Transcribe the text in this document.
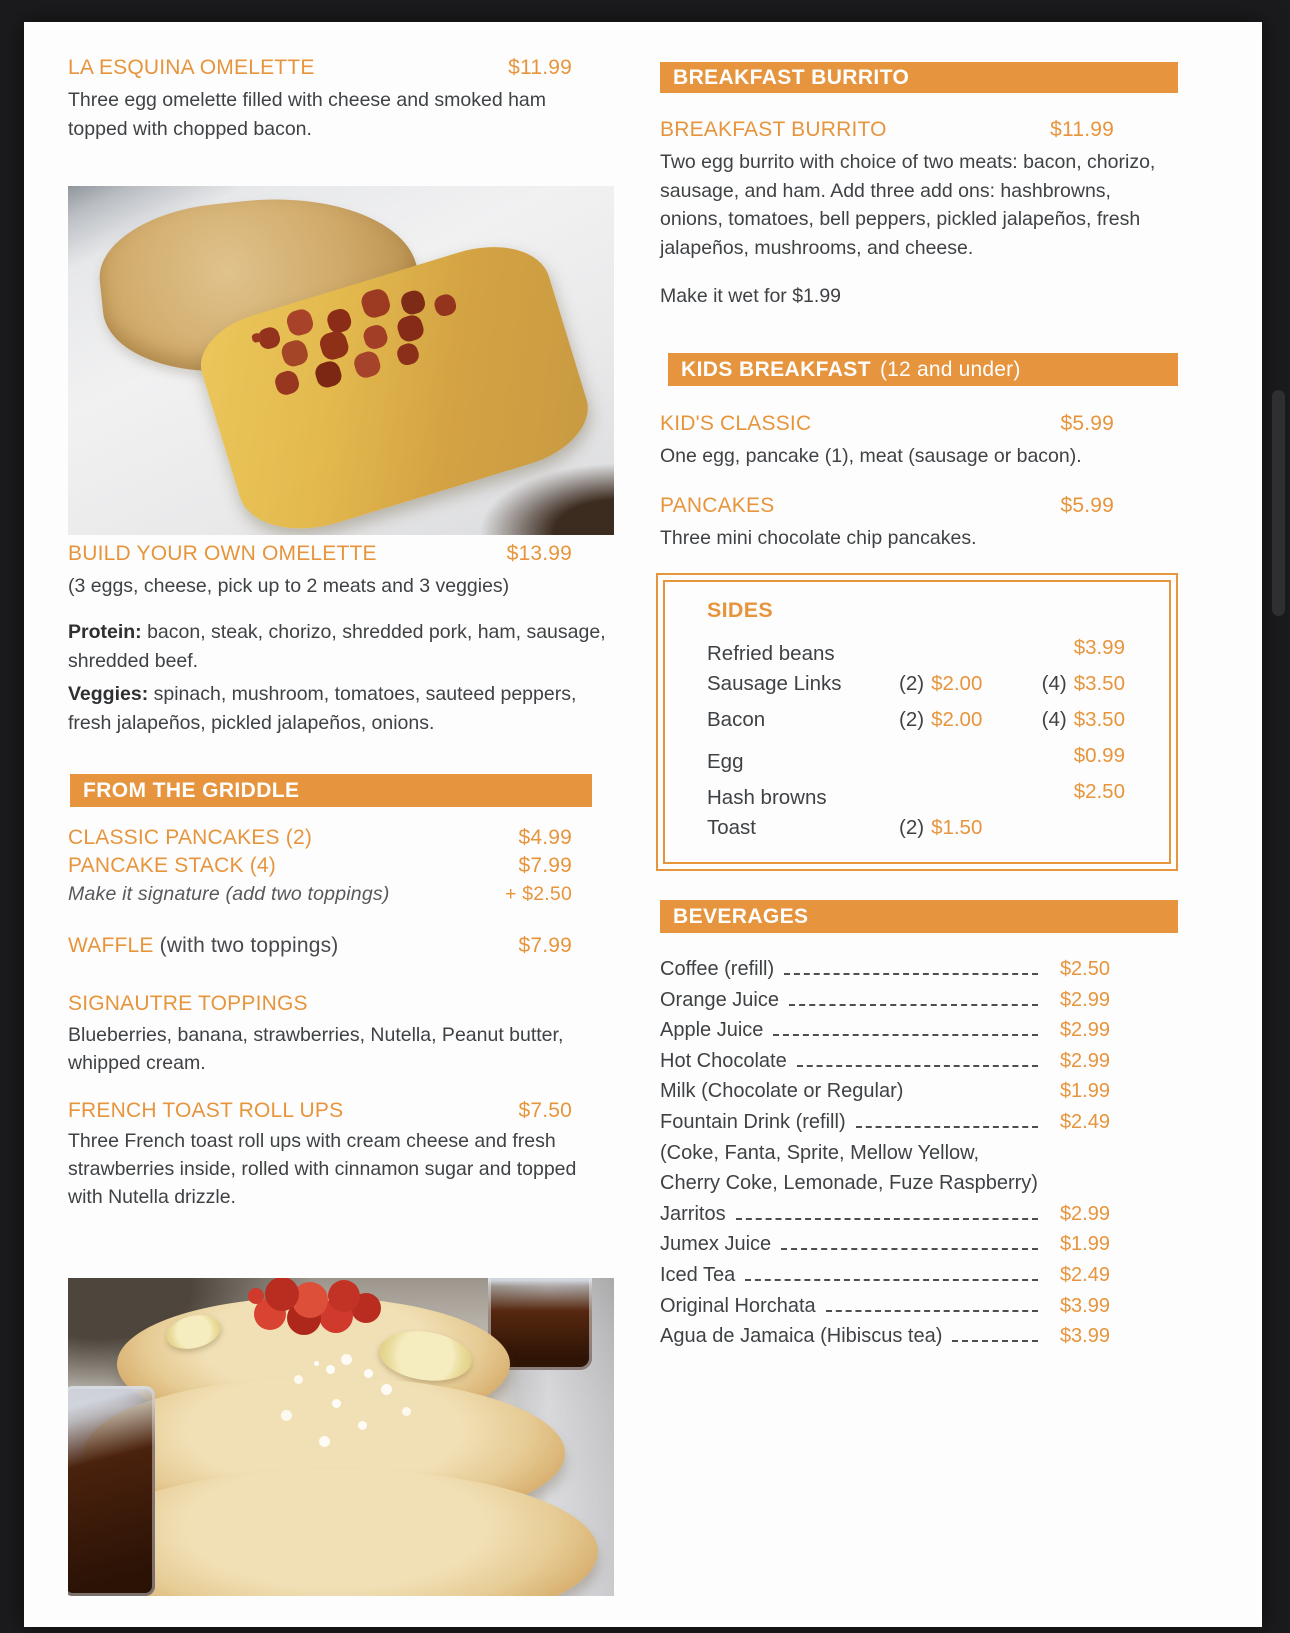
LA ESQUINA OMELETTE	$11.99
Three egg omelette filled with cheese and smoked ham topped with chopped bacon.
BUILD YOUR OWN OMELETTE	$13.99
(3 eggs, cheese, pick up to 2 meats and 3 veggies)
Protein: bacon, steak, chorizo, shredded pork, ham, sausage, shredded beef.
Veggies: spinach, mushroom, tomatoes, sauteed peppers, fresh jalapeños, pickled jalapeños, onions.
FROM THE GRIDDLE
CLASSIC PANCAKES (2)	$4.99
PANCAKE STACK (4)	$7.99
Make it signature (add two toppings)	+ $2.50
WAFFLE (with two toppings)	$7.99
SIGNAUTRE TOPPINGS
Blueberries, banana, strawberries, Nutella, Peanut butter, whipped cream.
FRENCH TOAST ROLL UPS	$7.50
Three French toast roll ups with cream cheese and fresh strawberries inside, rolled with cinnamon sugar and topped with Nutella drizzle.
BREAKFAST BURRITO
BREAKFAST BURRITO	$11.99
Two egg burrito with choice of two meats: bacon, chorizo, sausage, and ham. Add three add ons: hashbrowns, onions, tomatoes, bell peppers, pickled jalapeños, fresh jalapeños, mushrooms, and cheese.
Make it wet for $1.99
KIDS BREAKFAST (12 and under)
KID'S CLASSIC	$5.99
One egg, pancake (1), meat (sausage or bacon).
PANCAKES	$5.99
Three mini chocolate chip pancakes.
SIDES
Refried beans	$3.99
Sausage Links	(2) $2.00	(4) $3.50
Bacon	(2) $2.00	(4) $3.50
Egg	$0.99
Hash browns	$2.50
Toast	(2) $1.50
BEVERAGES
Coffee (refill)	$2.50
Orange Juice	$2.99
Apple Juice	$2.99
Hot Chocolate	$2.99
Milk (Chocolate or Regular)	$1.99
Fountain Drink (refill)	$2.49
(Coke, Fanta, Sprite, Mellow Yellow,
Cherry Coke, Lemonade, Fuze Raspberry)
Jarritos	$2.99
Jumex Juice	$1.99
Iced Tea	$2.49
Original Horchata	$3.99
Agua de Jamaica (Hibiscus tea)	$3.99
